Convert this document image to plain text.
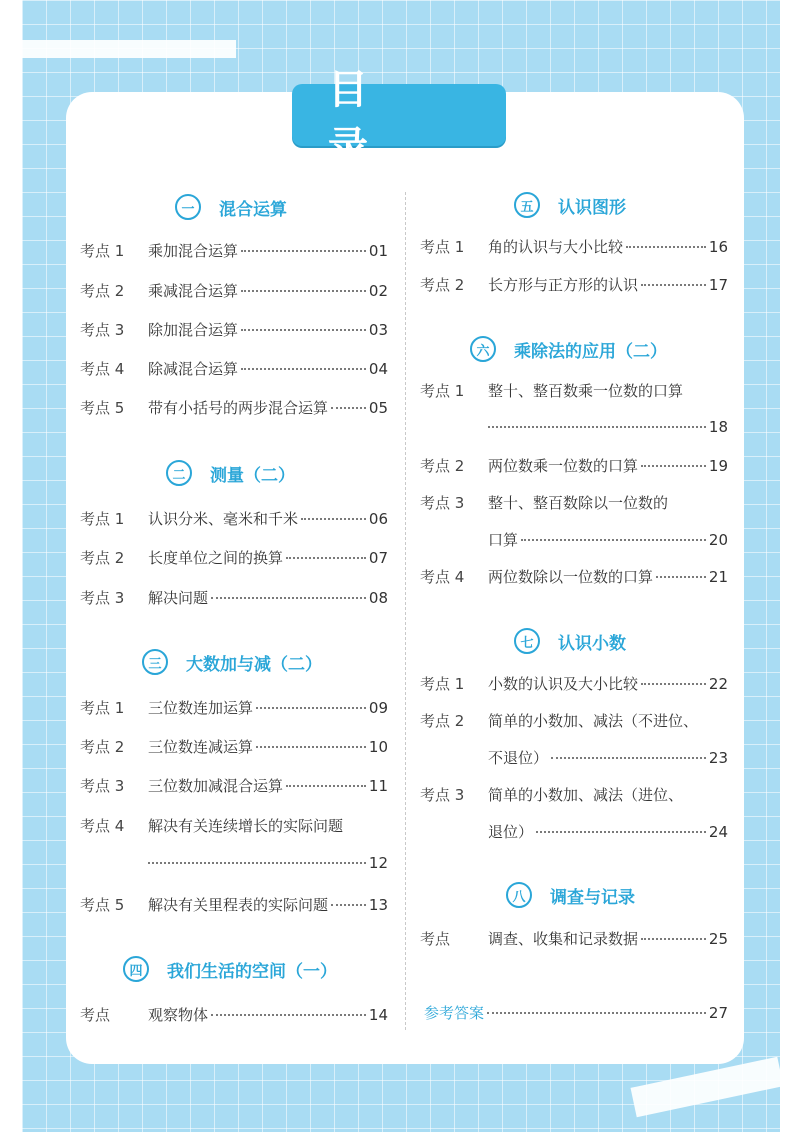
目 录
一	混合运算
考点 1	乘加混合运算	01
考点 2	乘减混合运算	02
考点 3	除加混合运算	03
考点 4	除减混合运算	04
考点 5	带有小括号的两步混合运算	05
二	测量（二）
考点 1	认识分米、毫米和千米	06
考点 2	长度单位之间的换算	07
考点 3	解决问题	08
三	大数加与减（二）
考点 1	三位数连加运算	09
考点 2	三位数连减运算	10
考点 3	三位数加减混合运算	11
考点 4	解决有关连续增长的实际问题
12
考点 5	解决有关里程表的实际问题	13
四	我们生活的空间（一）
考点	观察物体	14
五	认识图形
考点 1	角的认识与大小比较	16
考点 2	长方形与正方形的认识	17
六	乘除法的应用（二）
考点 1	整十、整百数乘一位数的口算
18
考点 2	两位数乘一位数的口算	19
考点 3	整十、整百数除以一位数的
口算	20
考点 4	两位数除以一位数的口算	21
七	认识小数
考点 1	小数的认识及大小比较	22
考点 2	简单的小数加、减法（不进位、
不退位）	23
考点 3	简单的小数加、减法（进位、
退位）	24
八	调查与记录
考点	调查、收集和记录数据	25
参考答案	27
